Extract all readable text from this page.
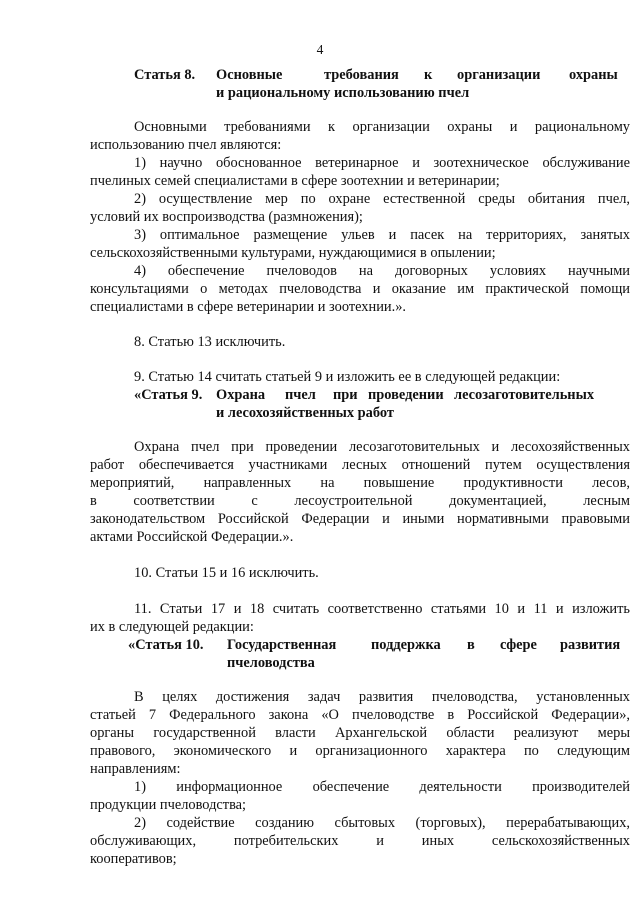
4
Статья 8. Основные	требования к организации охраны
и рациональному использованию пчел
Основными требованиями к организации охраны и рациональному
использованию пчел являются:
1) научно обоснованное ветеринарное и зоотехническое обслуживание
пчелиных семей специалистами в сфере зоотехнии и ветеринарии;
2) осуществление мер по охране естественной среды обитания пчел,
условий их воспроизводства (размножения);
3) оптимальное размещение ульев и пасек на территориях, занятых
сельскохозяйственными культурами, нуждающимися в опылении;
4) обеспечение пчеловодов на договорных условиях научными
консультациями о методах пчеловодства и оказание им практической помощи
специалистами в сфере ветеринарии и зоотехнии.».
8. Статью 13 исключить.
9. Статью 14 считать статьей 9 и изложить ее в следующей редакции:
«Статья 9. Охрана пчел при проведении лесозаготовительных
и лесохозяйственных работ
Охрана пчел при проведении лесозаготовительных и лесохозяйственных
работ обеспечивается участниками лесных отношений путем осуществления
мероприятий, направленных на повышение продуктивности лесов,
в соответствии с лесоустроительной документацией, лесным
законодательством Российской Федерации и иными нормативными правовыми
актами Российской Федерации.».
10. Статьи 15 и 16 исключить.
11. Статьи 17 и 18 считать соответственно статьями 10 и 11 и изложить
их в следующей редакции:
«Статья 10. Государственная поддержка в сфере развития
пчеловодства
В целях достижения задач развития пчеловодства, установленных
статьей 7 Федерального закона «О пчеловодстве в Российской Федерации»,
органы государственной власти Архангельской области реализуют меры
правового, экономического и организационного характера по следующим
направлениям:
1) информационное обеспечение деятельности производителей
продукции пчеловодства;
2) содействие созданию сбытовых (торговых), перерабатывающих,
обслуживающих, потребительских и иных сельскохозяйственных
кооперативов;
